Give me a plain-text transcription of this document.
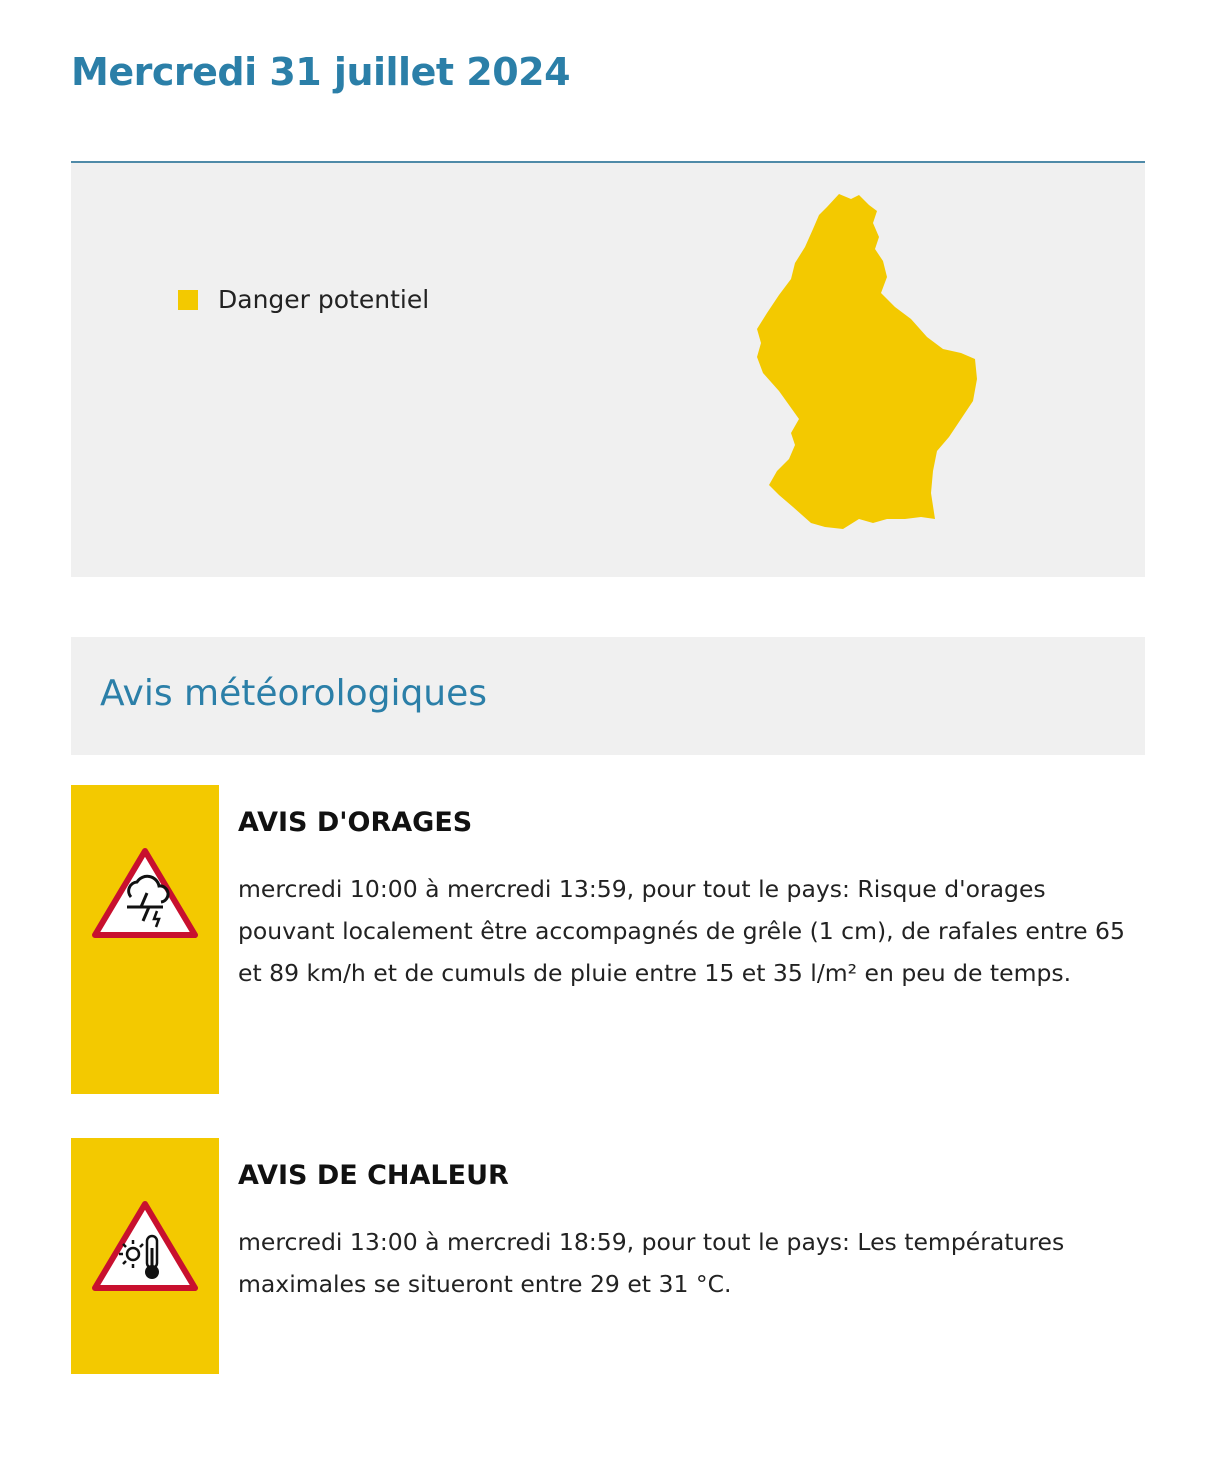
Mercredi 31 juillet 2024
Danger potentiel
Avis météorologiques
AVIS D'ORAGES

mercredi 10:00 à mercredi 13:59, pour tout le pays: Risque d'orages pouvant localement être accompagnés de grêle (1 cm), de rafales entre 65 et 89 km/h et de cumuls de pluie entre 15 et 35 l/m² en peu de temps.

AVIS DE CHALEUR

mercredi 13:00 à mercredi 18:59, pour tout le pays: Les températures maximales se situeront entre 29 et 31 °C.
